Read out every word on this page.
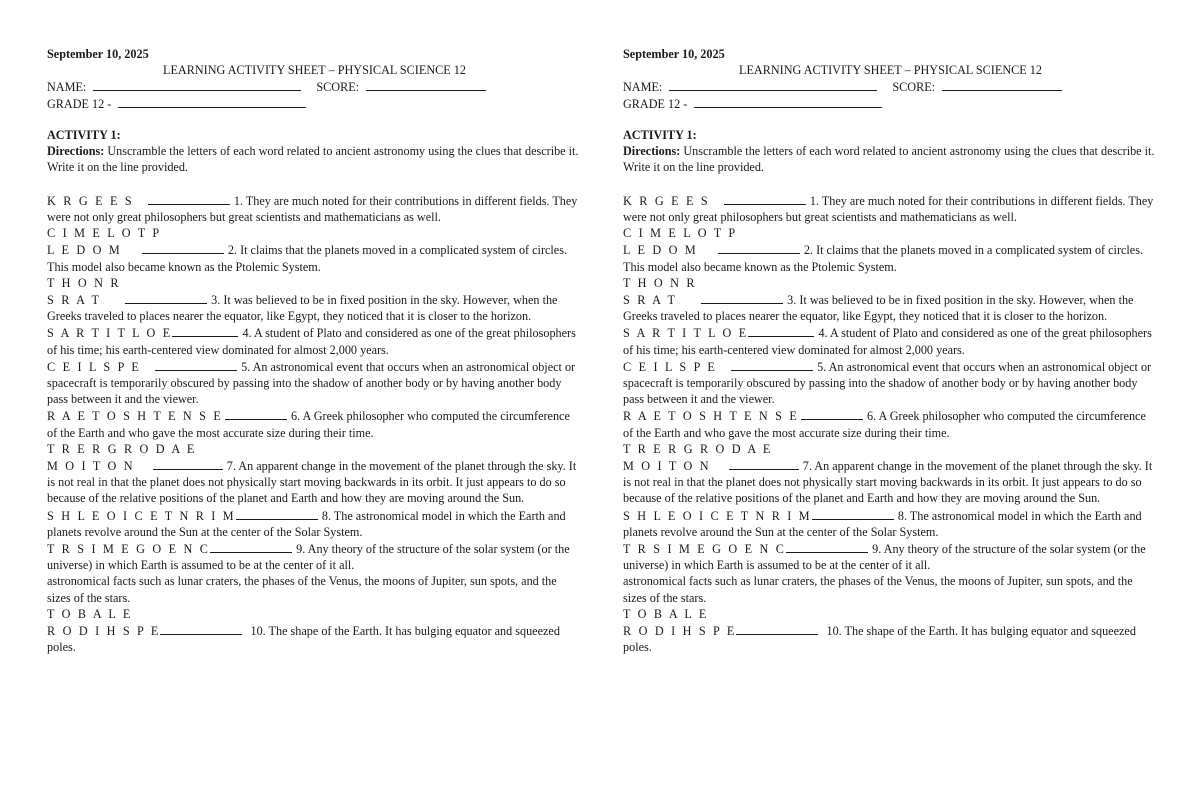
September 10, 2025
LEARNING ACTIVITY SHEET – PHYSICAL SCIENCE 12
NAME:	SCORE:
GRADE 12 -
ACTIVITY 1:
Directions: Unscramble the letters of each word related to ancient astronomy using the clues that describe it. Write it on the line provided.
K R G E E S	1. They are much noted for their contributions in different fields. They were not only great philosophers but great scientists and mathematicians as well.
C I M E L O T P
L E D O M	2. It claims that the planets moved in a complicated system of circles. This model also became known as the Ptolemic System.
T H O N R
S R A T	3. It was believed to be in fixed position in the sky. However, when the Greeks traveled to places nearer the equator, like Egypt, they noticed that it is closer to the horizon.
S A R T I T L O E	4. A student of Plato and considered as one of the great philosophers of his time; his earth-centered view dominated for almost 2,000 years.
C E I L S P E	5. An astronomical event that occurs when an astronomical object or spacecraft is temporarily obscured by passing into the shadow of another body or by having another body pass between it and the viewer.
R A E T O S H T E N S E	6. A Greek philosopher who computed the circumference of the Earth and who gave the most accurate size during their time.
T R E R G R O D A E
M O I T O N	7. An apparent change in the movement of the planet through the sky. It is not real in that the planet does not physically start moving backwards in its orbit. It just appears to do so because of the relative positions of the planet and Earth and how they are moving around the Sun.
S H L E O I C E T N R I M	8. The astronomical model in which the Earth and planets revolve around the Sun at the center of the Solar System.
T R S I M E G O E N C	9. Any theory of the structure of the solar system (or the universe) in which Earth is assumed to be at the center of it all.
astronomical facts such as lunar craters, the phases of the Venus, the moons of Jupiter, sun spots, and the sizes of the stars.
T O B A L E
R O D I H S P E	10. The shape of the Earth. It has bulging equator and squeezed poles.
September 10, 2025
LEARNING ACTIVITY SHEET – PHYSICAL SCIENCE 12
NAME:	SCORE:
GRADE 12 -
ACTIVITY 1:
Directions: Unscramble the letters of each word related to ancient astronomy using the clues that describe it. Write it on the line provided.
K R G E E S	1. They are much noted for their contributions in different fields. They were not only great philosophers but great scientists and mathematicians as well.
C I M E L O T P
L E D O M	2. It claims that the planets moved in a complicated system of circles. This model also became known as the Ptolemic System.
T H O N R
S R A T	3. It was believed to be in fixed position in the sky. However, when the Greeks traveled to places nearer the equator, like Egypt, they noticed that it is closer to the horizon.
S A R T I T L O E	4. A student of Plato and considered as one of the great philosophers of his time; his earth-centered view dominated for almost 2,000 years.
C E I L S P E	5. An astronomical event that occurs when an astronomical object or spacecraft is temporarily obscured by passing into the shadow of another body or by having another body pass between it and the viewer.
R A E T O S H T E N S E	6. A Greek philosopher who computed the circumference of the Earth and who gave the most accurate size during their time.
T R E R G R O D A E
M O I T O N	7. An apparent change in the movement of the planet through the sky. It is not real in that the planet does not physically start moving backwards in its orbit. It just appears to do so because of the relative positions of the planet and Earth and how they are moving around the Sun.
S H L E O I C E T N R I M	8. The astronomical model in which the Earth and planets revolve around the Sun at the center of the Solar System.
T R S I M E G O E N C	9. Any theory of the structure of the solar system (or the universe) in which Earth is assumed to be at the center of it all.
astronomical facts such as lunar craters, the phases of the Venus, the moons of Jupiter, sun spots, and the sizes of the stars.
T O B A L E
R O D I H S P E	10. The shape of the Earth. It has bulging equator and squeezed poles.
